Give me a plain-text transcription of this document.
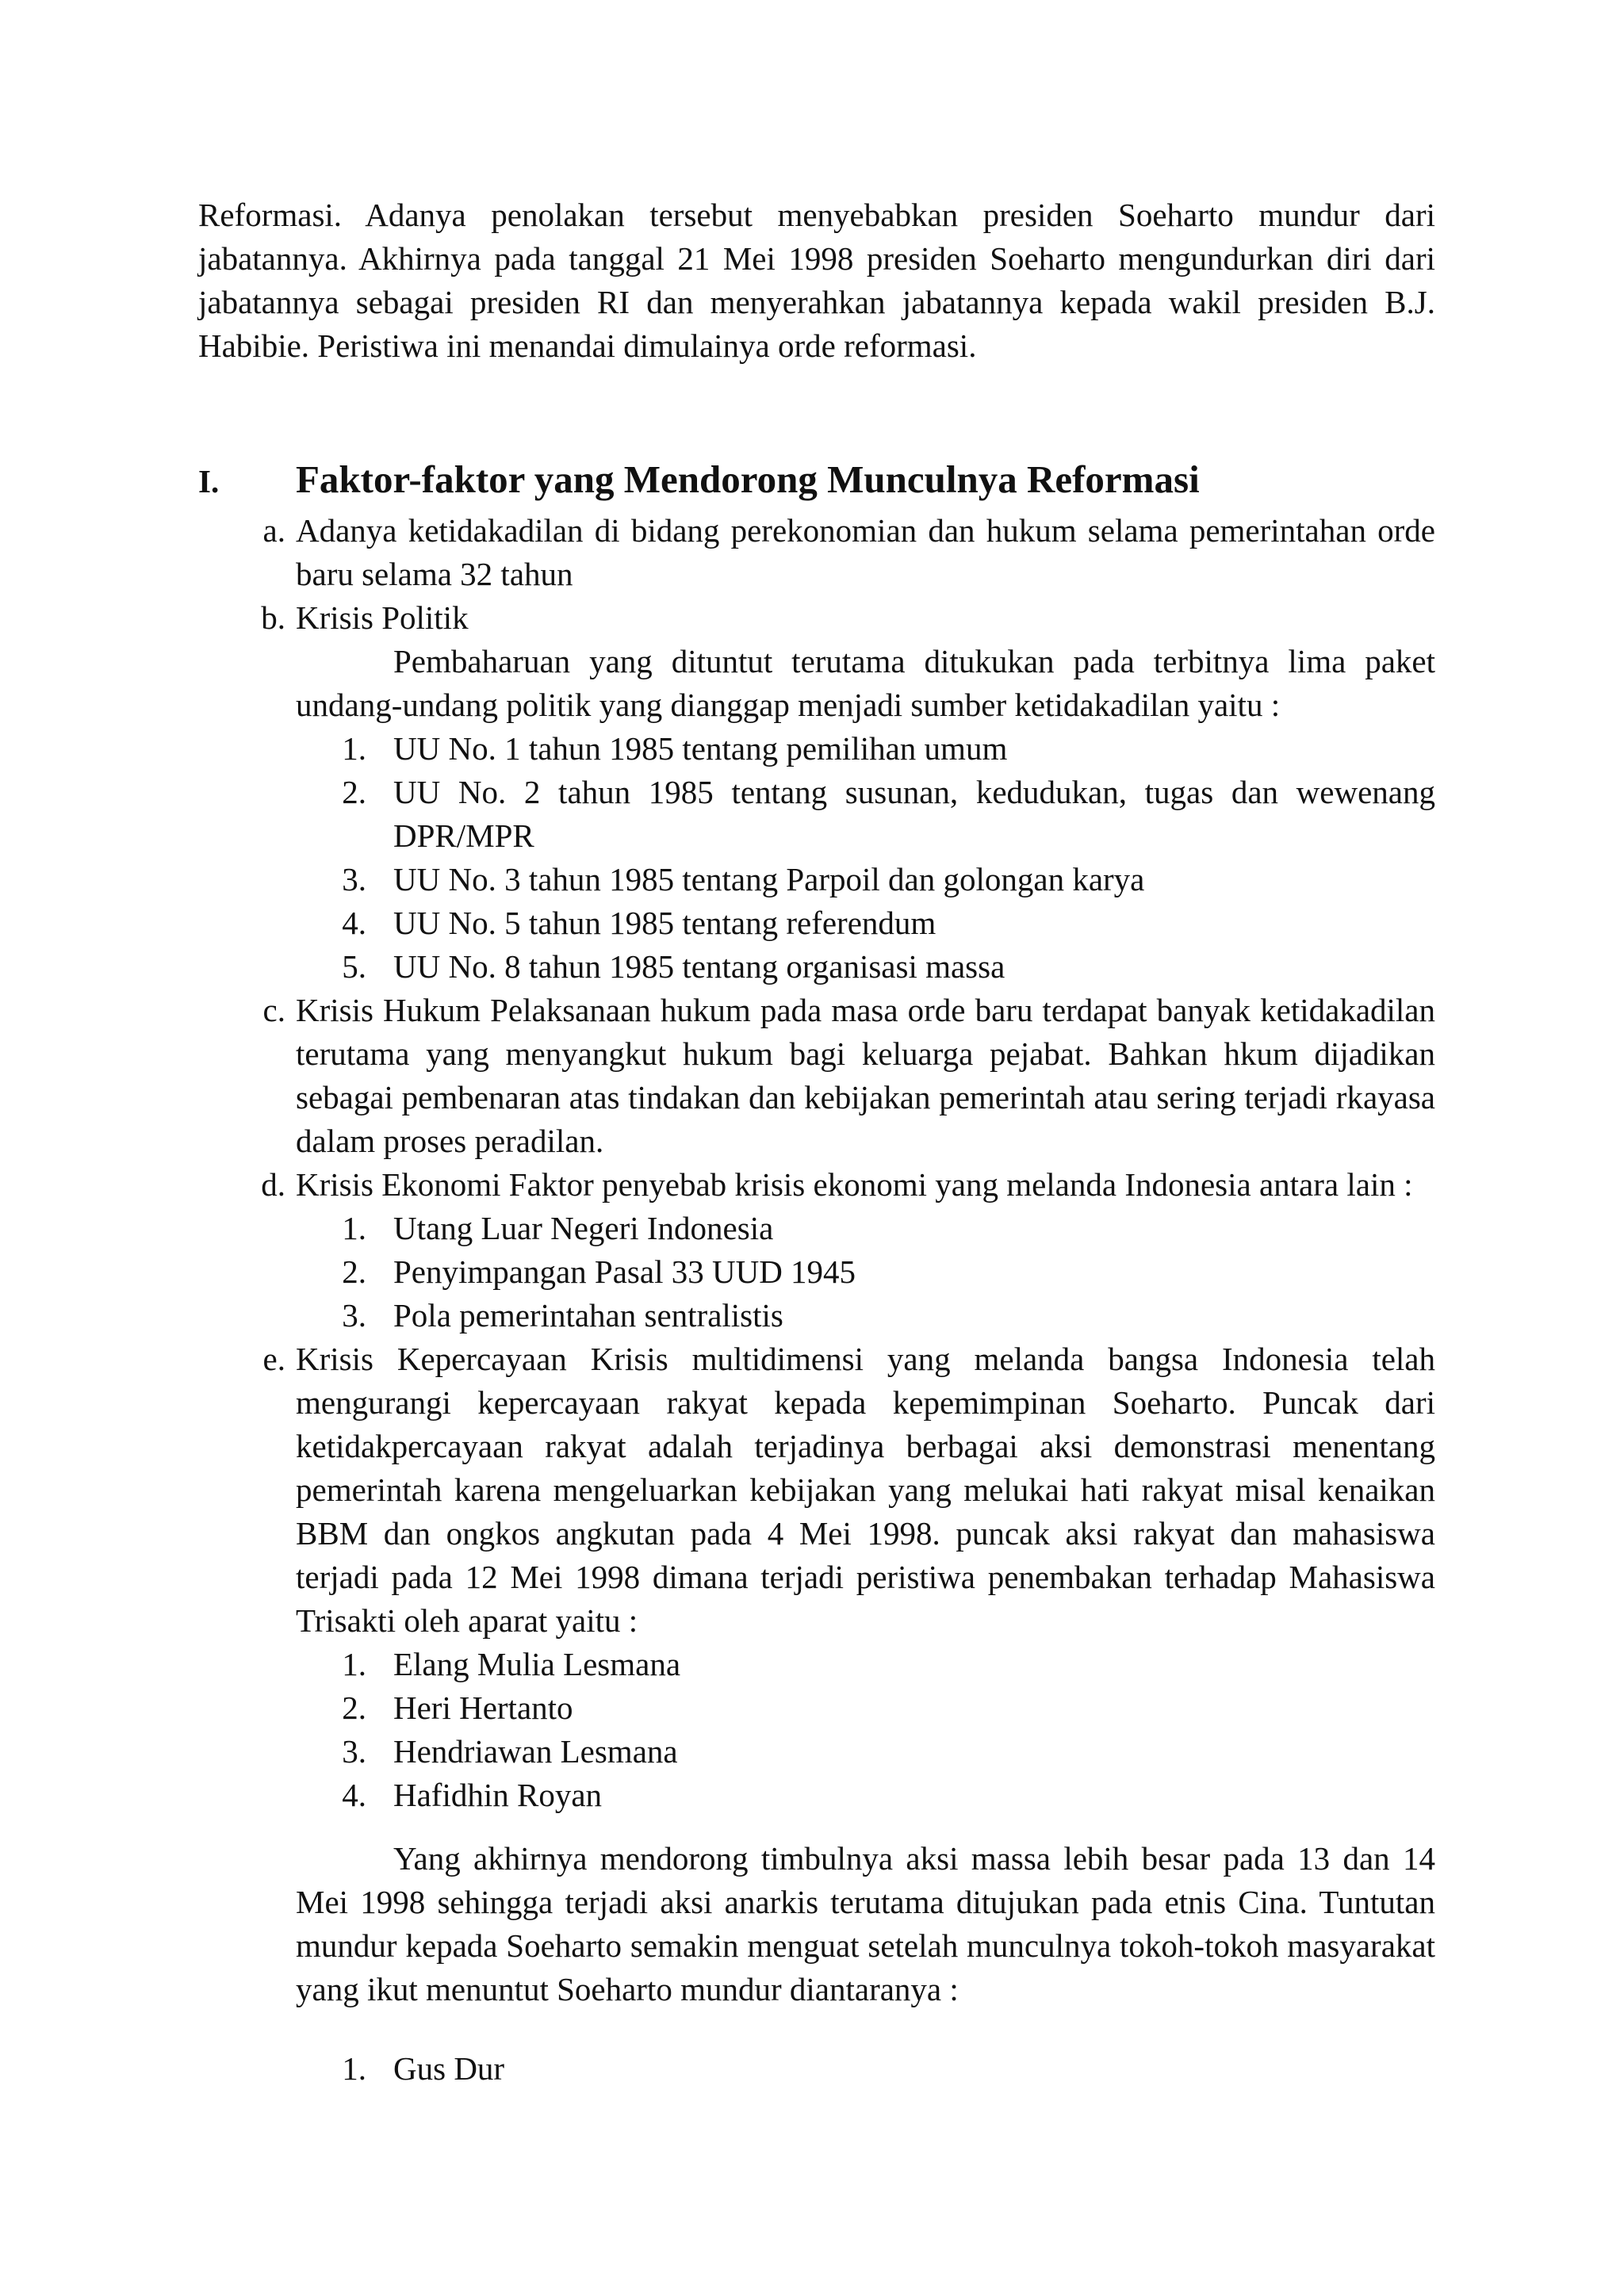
Reformasi. Adanya penolakan tersebut menyebabkan presiden Soeharto mundur dari jabatannya. Akhirnya pada tanggal 21 Mei 1998 presiden Soeharto mengundurkan diri dari jabatannya sebagai presiden RI dan menyerahkan jabatannya kepada wakil presiden B.J. Habibie. Peristiwa ini menandai dimulainya orde reformasi.
I. Faktor-faktor yang Mendorong Munculnya Reformasi
a. Adanya ketidakadilan di bidang perekonomian dan hukum selama pemerintahan orde baru selama 32 tahun
b. Krisis Politik
Pembaharuan yang dituntut terutama ditukukan pada terbitnya lima paket undang-undang politik yang dianggap menjadi sumber ketidakadilan yaitu :
1. UU No. 1 tahun 1985 tentang pemilihan umum
2. UU No. 2 tahun 1985 tentang susunan, kedudukan, tugas dan wewenang DPR/MPR
3. UU No. 3 tahun 1985 tentang Parpoil dan golongan karya
4. UU No. 5 tahun 1985 tentang referendum
5. UU No. 8 tahun 1985 tentang organisasi massa
c. Krisis Hukum Pelaksanaan hukum pada masa orde baru terdapat banyak ketidakadilan terutama yang menyangkut hukum bagi keluarga pejabat. Bahkan hkum dijadikan sebagai pembenaran atas tindakan dan kebijakan pemerintah atau sering terjadi rkayasa dalam proses peradilan.
d. Krisis Ekonomi Faktor penyebab krisis ekonomi yang melanda Indonesia antara lain :
1. Utang Luar Negeri Indonesia
2. Penyimpangan Pasal 33 UUD 1945
3. Pola pemerintahan sentralistis
e. Krisis Kepercayaan Krisis multidimensi yang melanda bangsa Indonesia telah mengurangi kepercayaan rakyat kepada kepemimpinan Soeharto. Puncak dari ketidakpercayaan rakyat adalah terjadinya berbagai aksi demonstrasi menentang pemerintah karena mengeluarkan kebijakan yang melukai hati rakyat misal kenaikan BBM dan ongkos angkutan pada 4 Mei 1998. puncak aksi rakyat dan mahasiswa terjadi pada 12 Mei 1998 dimana terjadi peristiwa penembakan terhadap Mahasiswa Trisakti oleh aparat yaitu :
1. Elang Mulia Lesmana
2. Heri Hertanto
3. Hendriawan Lesmana
4. Hafidhin Royan
Yang akhirnya mendorong timbulnya aksi massa lebih besar pada 13 dan 14 Mei 1998 sehingga terjadi aksi anarkis terutama ditujukan pada etnis Cina. Tuntutan mundur kepada Soeharto semakin menguat setelah munculnya tokoh-tokoh masyarakat yang ikut menuntut Soeharto mundur diantaranya :
1. Gus Dur
